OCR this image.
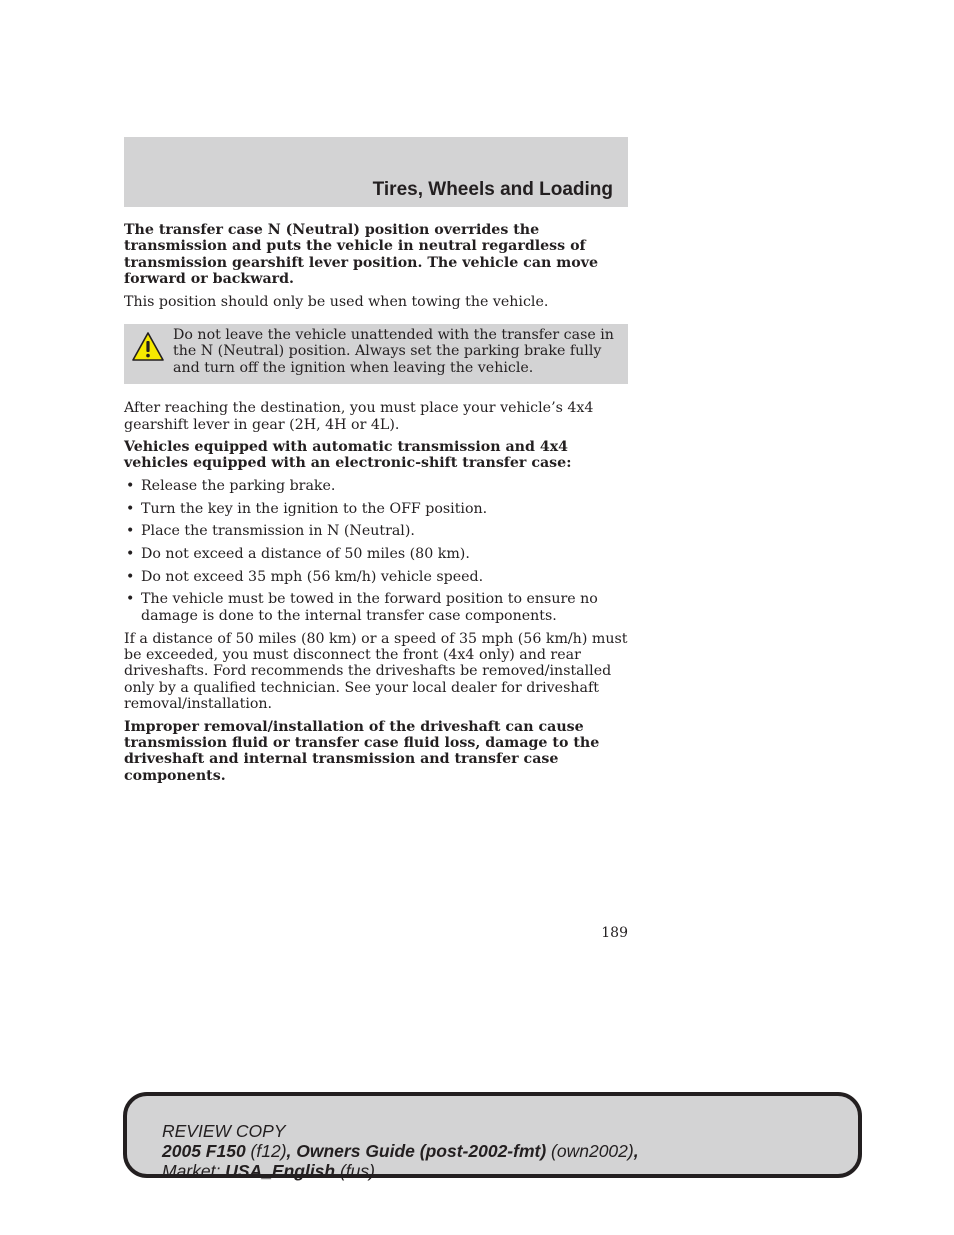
Tires, Wheels and Loading

The transfer case N (Neutral) position overrides the transmission and puts the vehicle in neutral regardless of transmission gearshift lever position. The vehicle can move forward or backward.

This position should only be used when towing the vehicle.

Do not leave the vehicle unattended with the transfer case in the N (Neutral) position. Always set the parking brake fully and turn off the ignition when leaving the vehicle.

After reaching the destination, you must place your vehicle’s 4x4 gearshift lever in gear (2H, 4H or 4L).

Vehicles equipped with automatic transmission and 4x4 vehicles equipped with an electronic-shift transfer case:

• Release the parking brake.
• Turn the key in the ignition to the OFF position.
• Place the transmission in N (Neutral).
• Do not exceed a distance of 50 miles (80 km).
• Do not exceed 35 mph (56 km/h) vehicle speed.
• The vehicle must be towed in the forward position to ensure no damage is done to the internal transfer case components.

If a distance of 50 miles (80 km) or a speed of 35 mph (56 km/h) must be exceeded, you must disconnect the front (4x4 only) and rear driveshafts. Ford recommends the driveshafts be removed/installed only by a qualified technician. See your local dealer for driveshaft removal/installation.

Improper removal/installation of the driveshaft can cause transmission fluid or transfer case fluid loss, damage to the driveshaft and internal transmission and transfer case components.

189
REVIEW COPY
2005 F150 (f12), Owners Guide (post-2002-fmt) (own2002),
Market: USA_English (fus)
